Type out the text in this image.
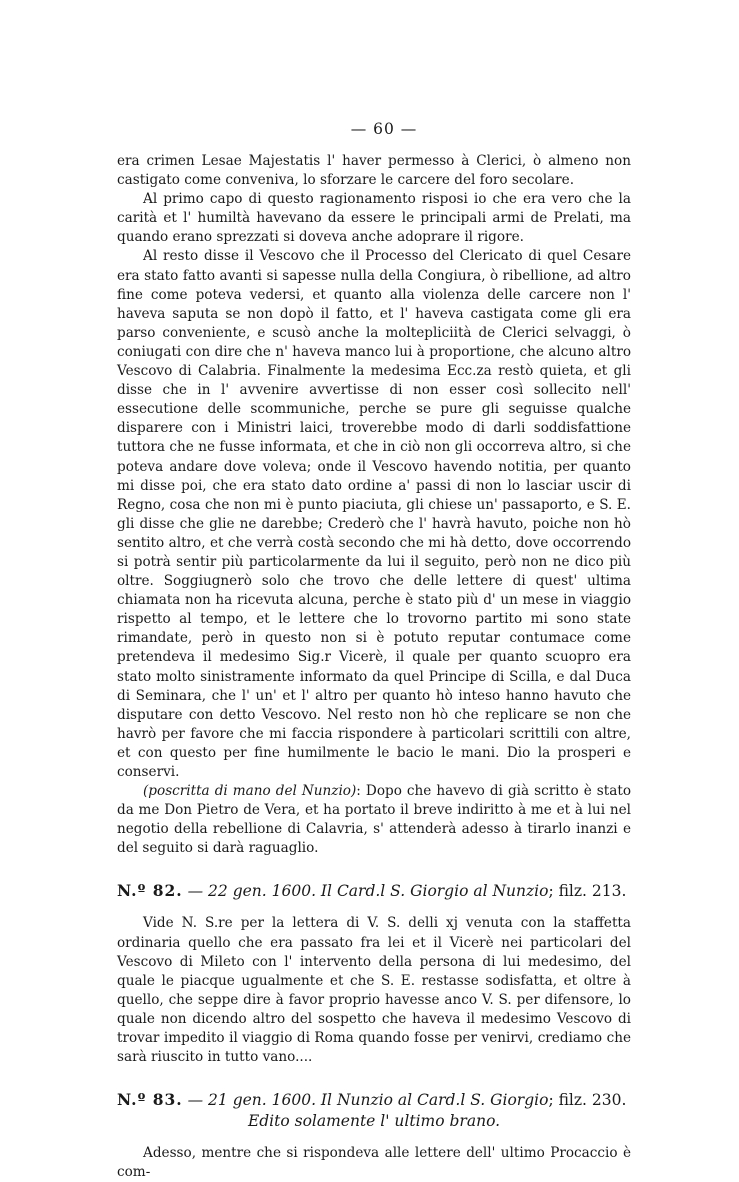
— 60 —

era crimen Lesae Majestatis l' haver permesso à Clerici, ò almeno non castigato come conveniva, lo sforzare le carcere del foro secolare.

Al primo capo di questo ragionamento risposi io che era vero che la carità et l' humiltà havevano da essere le principali armi de Prelati, ma quando erano sprezzati si doveva anche adoprare il rigore.

Al resto disse il Vescovo che il Processo del Clericato di quel Cesare era stato fatto avanti si sapesse nulla della Congiura, ò ribellione, ad altro fine come poteva vedersi, et quanto alla violenza delle carcere non l' haveva saputa se non dopò il fatto, et l' haveva castigata come gli era parso conveniente, e scusò anche la moltepliciità de Clerici selvaggi, ò coniugati con dire che n' haveva manco lui à proportione, che alcuno altro Vescovo di Calabria. Finalmente la medesima Ecc.za restò quieta, et gli disse che in l' avvenire avvertisse di non esser così sollecito nell' essecutione delle scommuniche, perche se pure gli seguisse qualche disparere con i Ministri laici, troverebbe modo di darli soddisfattione tuttora che ne fusse informata, et che in ciò non gli occorreva altro, si che poteva andare dove voleva; onde il Vescovo havendo notitia, per quanto mi disse poi, che era stato dato ordine a' passi di non lo lasciar uscir di Regno, cosa che non mi è punto piaciuta, gli chiese un' passaporto, e S. E. gli disse che glie ne darebbe; Crederò che l' havrà havuto, poiche non hò sentito altro, et che verrà costà secondo che mi hà detto, dove occorrendo si potrà sentir più particolarmente da lui il seguito, però non ne dico più oltre. Soggiugnerò solo che trovo che delle lettere di quest' ultima chiamata non ha ricevuta alcuna, perche è stato più d' un mese in viaggio rispetto al tempo, et le lettere che lo trovorno partito mi sono state rimandate, però in questo non si è potuto reputar contumace come pretendeva il medesimo Sig.r Vicerè, il quale per quanto scuopro era stato molto sinistramente informato da quel Principe di Scilla, e dal Duca di Seminara, che l' un' et l' altro per quanto hò inteso hanno havuto che disputare con detto Vescovo. Nel resto non hò che replicare se non che havrò per favore che mi faccia rispondere à particolari scrittili con altre, et con questo per fine humilmente le bacio le mani. Dio la prosperi e conservi.

(poscritta di mano del Nunzio): Dopo che havevo di già scritto è stato da me Don Pietro de Vera, et ha portato il breve indiritto à me et à lui nel negotio della rebellione di Calavria, s' attenderà adesso à tirarlo inanzi e del seguito si darà raguaglio.

N.º 82. — 22 gen. 1600. Il Card.l S. Giorgio al Nunzio; filz. 213.

Vide N. S.re per la lettera di V. S. delli xj venuta con la staffetta ordinaria quello che era passato fra lei et il Vicerè nei particolari del Vescovo di Mileto con l' intervento della persona di lui medesimo, del quale le piacque ugualmente et che S. E. restasse sodisfatta, et oltre à quello, che seppe dire à favor proprio havesse anco V. S. per difensore, lo quale non dicendo altro del sospetto che haveva il medesimo Vescovo di trovar impedito il viaggio di Roma quando fosse per venirvi, crediamo che sarà riuscito in tutto vano....

N.º 83. — 21 gen. 1600. Il Nunzio al Card.l S. Giorgio; filz. 230.
Edito solamente l' ultimo brano.

Adesso, mentre che si rispondeva alle lettere dell' ultimo Procaccio è com-
